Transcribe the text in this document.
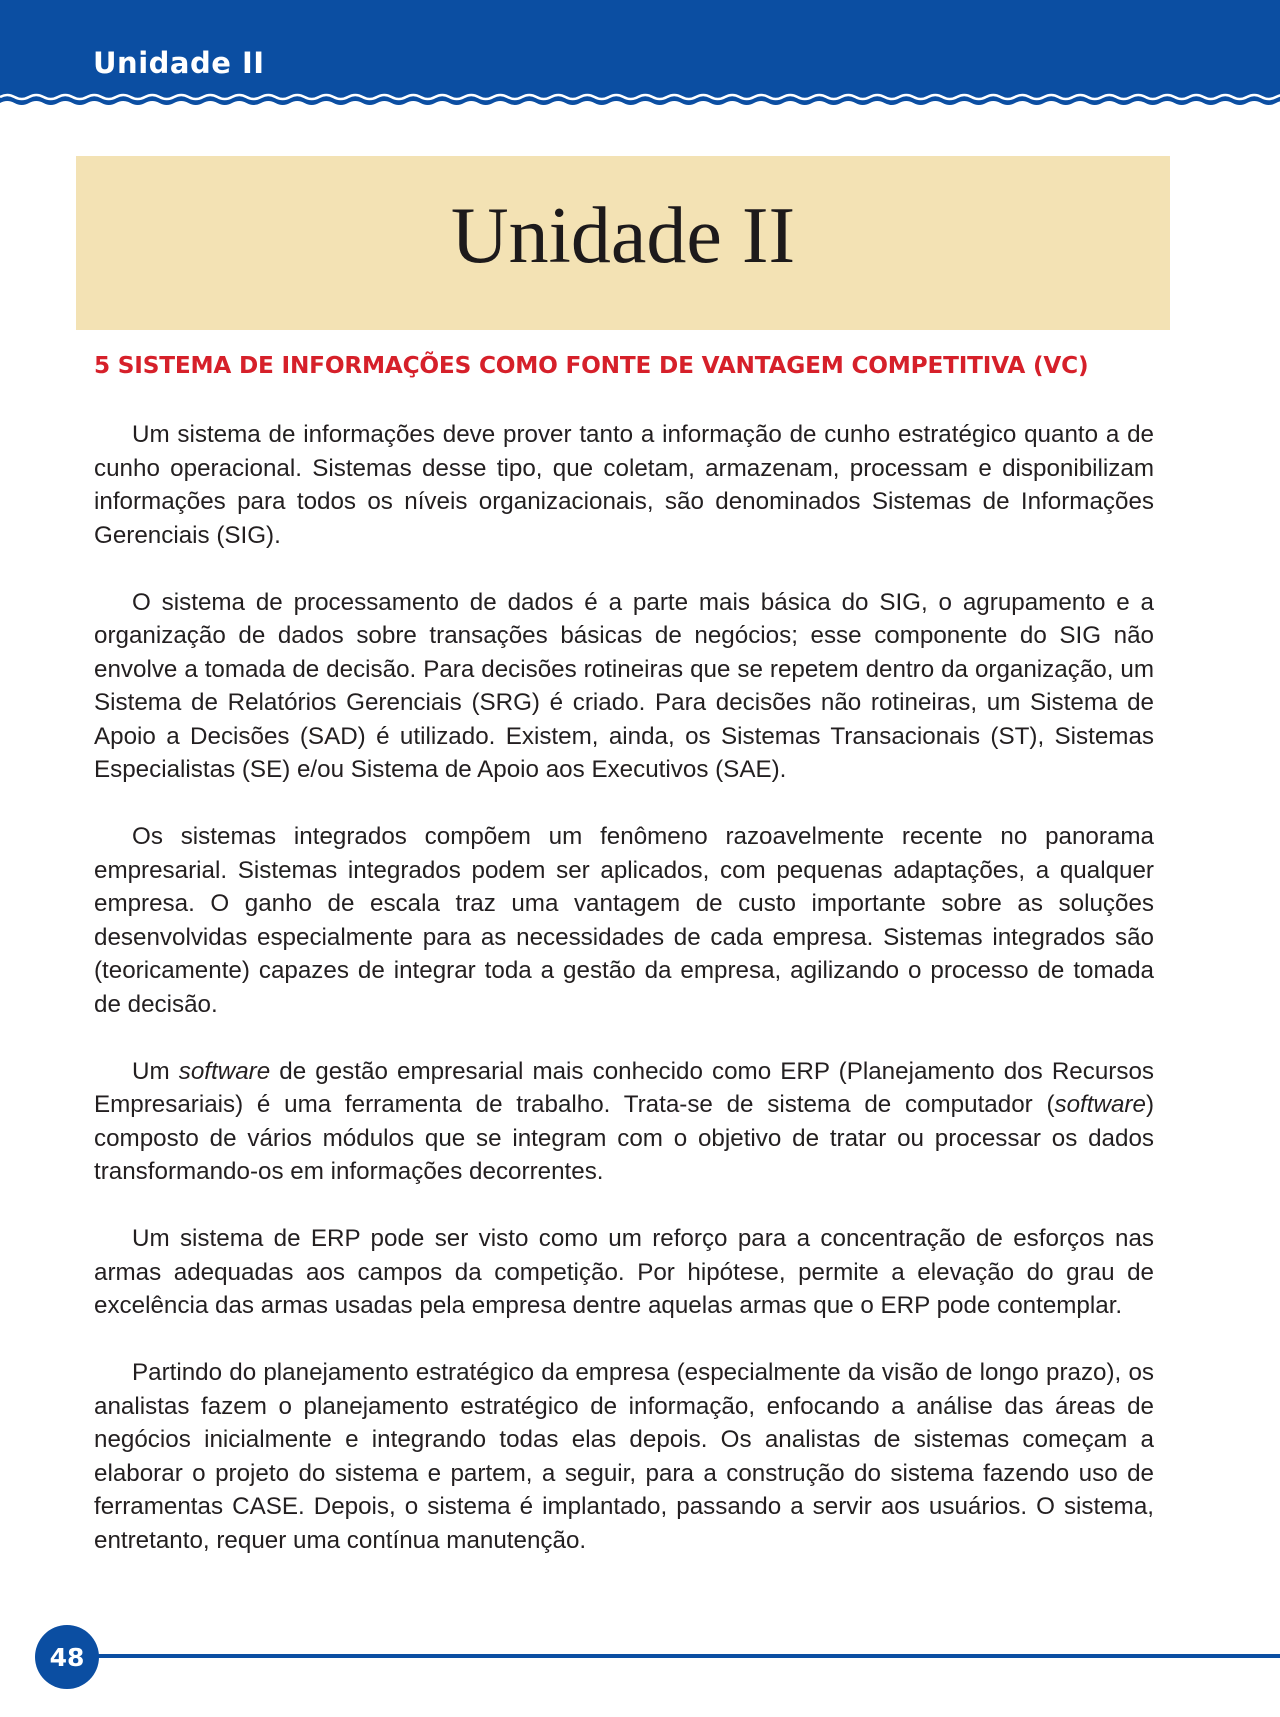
Unidade II
Unidade II
5 SISTEMA DE INFORMAÇÕES COMO FONTE DE VANTAGEM COMPETITIVA (VC)

Um sistema de informações deve prover tanto a informação de cunho estratégico quanto a de cunho operacional. Sistemas desse tipo, que coletam, armazenam, processam e disponibilizam informações para todos os níveis organizacionais, são denominados Sistemas de Informações Gerenciais (SIG).

O sistema de processamento de dados é a parte mais básica do SIG, o agrupamento e a organização de dados sobre transações básicas de negócios; esse componente do SIG não envolve a tomada de decisão. Para decisões rotineiras que se repetem dentro da organização, um Sistema de Relatórios Gerenciais (SRG) é criado. Para decisões não rotineiras, um Sistema de Apoio a Decisões (SAD) é utilizado. Existem, ainda, os Sistemas Transacionais (ST), Sistemas Especialistas (SE) e/ou Sistema de Apoio aos Executivos (SAE).

Os sistemas integrados compõem um fenômeno razoavelmente recente no panorama empresarial. Sistemas integrados podem ser aplicados, com pequenas adaptações, a qualquer empresa. O ganho de escala traz uma vantagem de custo importante sobre as soluções desenvolvidas especialmente para as necessidades de cada empresa. Sistemas integrados são (teoricamente) capazes de integrar toda a gestão da empresa, agilizando o processo de tomada de decisão.

Um software de gestão empresarial mais conhecido como ERP (Planejamento dos Recursos Empresariais) é uma ferramenta de trabalho. Trata-se de sistema de computador (software) composto de vários módulos que se integram com o objetivo de tratar ou processar os dados transformando-os em informações decorrentes.

Um sistema de ERP pode ser visto como um reforço para a concentração de esforços nas armas adequadas aos campos da competição. Por hipótese, permite a elevação do grau de excelência das armas usadas pela empresa dentre aquelas armas que o ERP pode contemplar.

Partindo do planejamento estratégico da empresa (especialmente da visão de longo prazo), os analistas fazem o planejamento estratégico de informação, enfocando a análise das áreas de negócios inicialmente e integrando todas elas depois. Os analistas de sistemas começam a elaborar o projeto do sistema e partem, a seguir, para a construção do sistema fazendo uso de ferramentas CASE. Depois, o sistema é implantado, passando a servir aos usuários. O sistema, entretanto, requer uma contínua manutenção.

48
